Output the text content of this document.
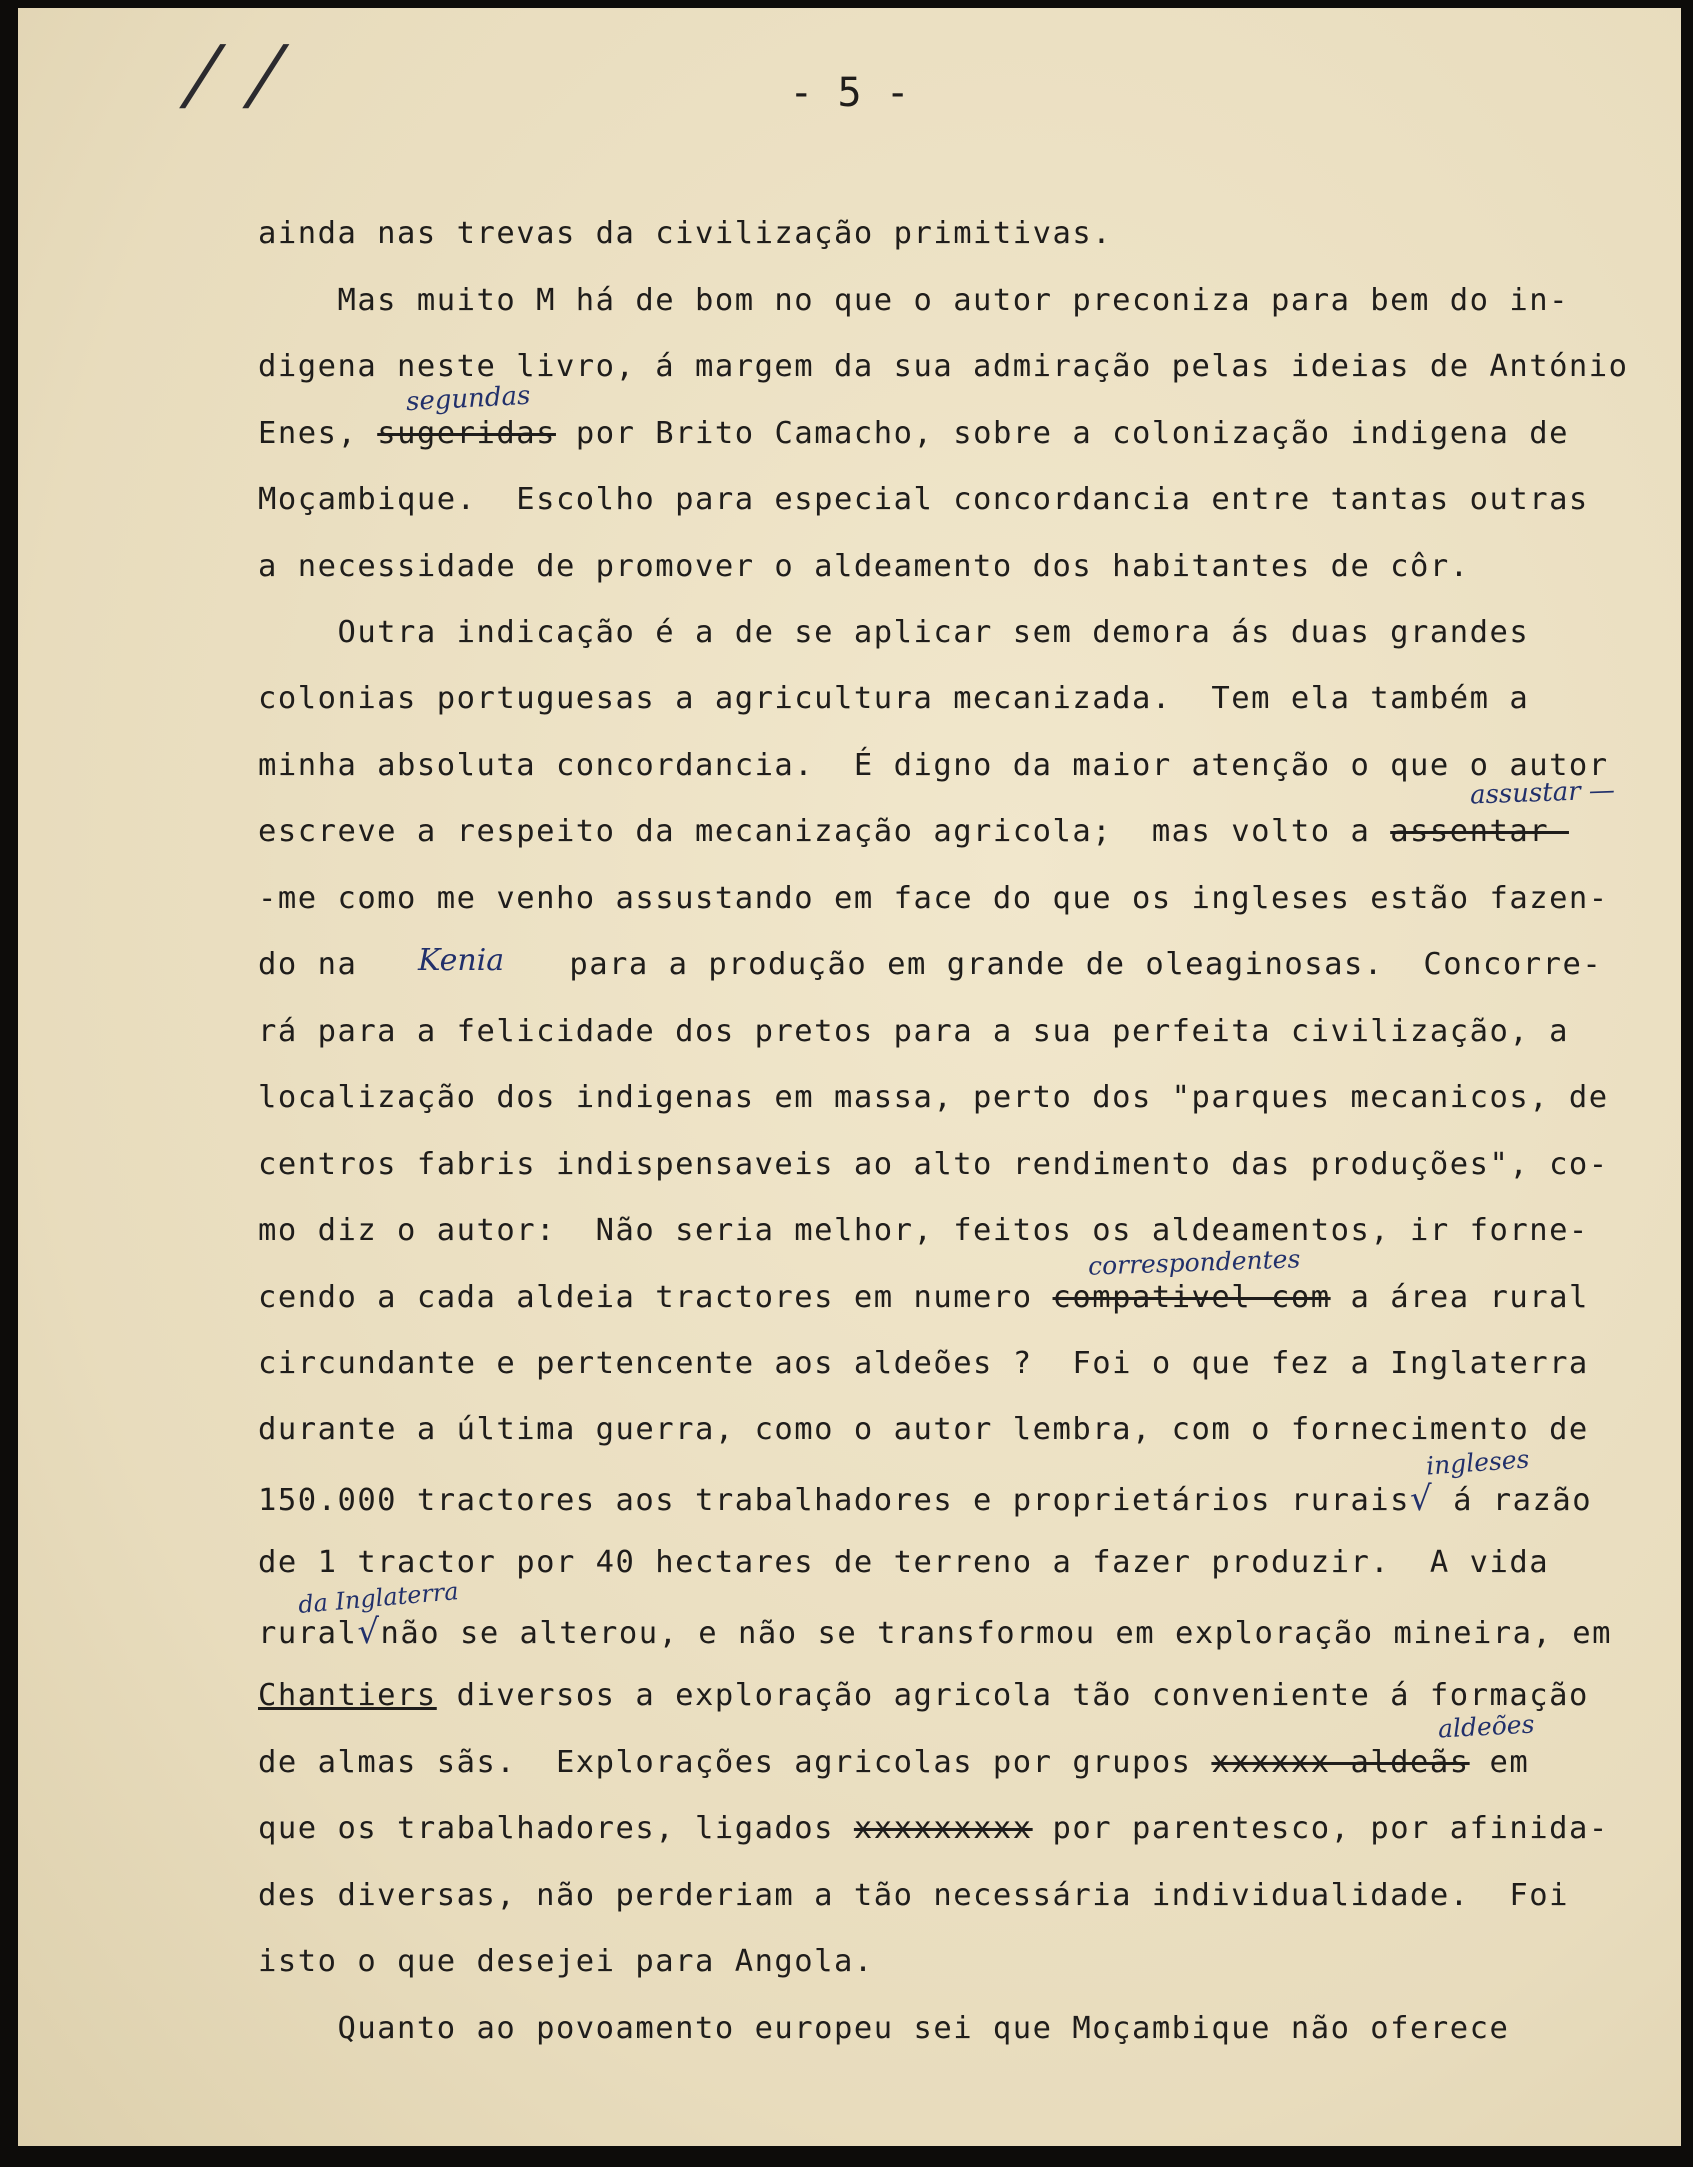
/ /	- 5 -
ainda nas trevas da civilização primitivas.
Mas muito M há de bom no que o autor preconiza para bem do in-
digena neste livro, á margem da sua admiração pelas ideias de António
Enes, sugeridas por Brito Camacho, sobre a colonização indigena de
segundas
Moçambique.  Escolho para especial concordancia entre tantas outras
a necessidade de promover o aldeamento dos habitantes de côr.
Outra indicação é a de se aplicar sem demora ás duas grandes
colonias portuguesas a agricultura mecanizada.  Tem ela também a
minha absoluta concordancia.  É digno da maior atenção o que o autor
escreve a respeito da mecanização agricola;  mas volto a assentar-
assustar —
-me como me venho assustando em face do que os ingleses estão fazen-
do na	para a produção em grande de oleaginosas.  Concorre-
Kenia
rá para a felicidade dos pretos para a sua perfeita civilização, a
localização dos indigenas em massa, perto dos "parques mecanicos, de
centros fabris indispensaveis ao alto rendimento das produções", co-
mo diz o autor:  Não seria melhor, feitos os aldeamentos, ir forne-
cendo a cada aldeia tractores em numero compativel com a área rural
correspondentes
circundante e pertencente aos aldeões ?  Foi o que fez a Inglaterra
durante a última guerra, como o autor lembra, com o fornecimento de
150.000 tractores aos trabalhadores e proprietários rurais√ á razão
ingleses
de 1 tractor por 40 hectares de terreno a fazer produzir.  A vida
rural√não se alterou, e não se transformou em exploração mineira, em
da Inglaterra
Chantiers diversos a exploração agricola tão conveniente á formação
de almas sãs.  Explorações agricolas por grupos xxxxxx aldeãs em
aldeões
que os trabalhadores, ligados xxxxxxxxx por parentesco, por afinida-
des diversas, não perderiam a tão necessária individualidade.  Foi
isto o que desejei para Angola.
Quanto ao povoamento europeu sei que Moçambique não oferece
